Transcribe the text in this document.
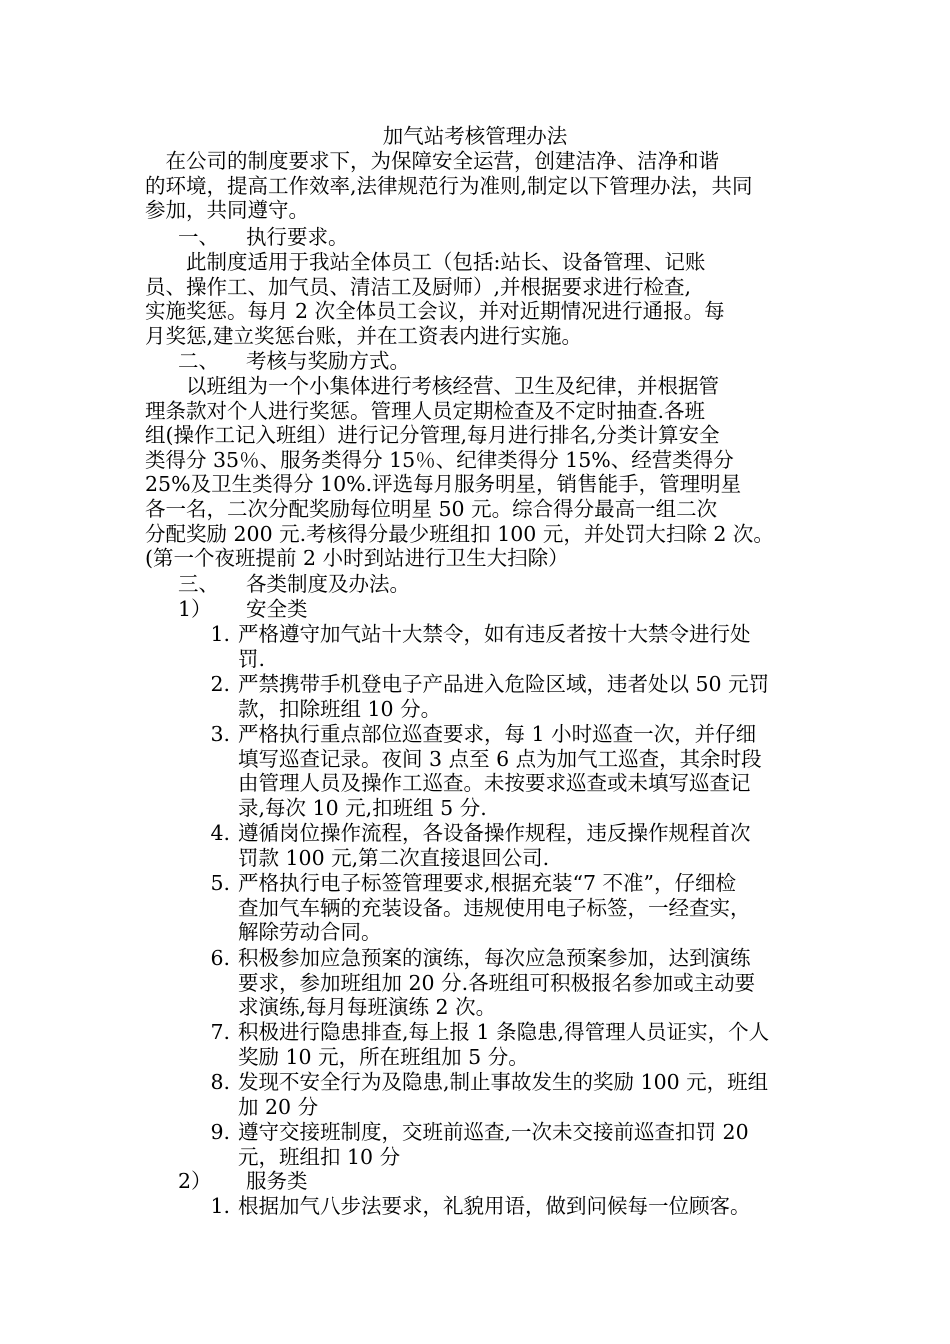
加气站考核管理办法
　在公司的制度要求下，为保障安全运营，创建洁净、洁净和谐
的环境，提高工作效率,法律规范行为准则,制定以下管理办法，共同
参加，共同遵守。
一、 执行要求。
　　此制度适用于我站全体员工（包括:站长、设备管理、记账
员、操作工、加气员、清洁工及厨师）,并根据要求进行检查,
实施奖惩。每月 2 次全体员工会议，并对近期情况进行通报。每
月奖惩,建立奖惩台账，并在工资表内进行实施。
二、 考核与奖励方式。
　　以班组为一个小集体进行考核经营、卫生及纪律，并根据管
理条款对个人进行奖惩。管理人员定期检查及不定时抽查.各班
组(操作工记入班组）进行记分管理,每月进行排名,分类计算安全
类得分 35％、服务类得分 15％、纪律类得分 15%、经营类得分
25%及卫生类得分 10%.评选每月服务明星，销售能手，管理明星
各一名，二次分配奖励每位明星 50 元。综合得分最高一组二次
分配奖励 200 元.考核得分最少班组扣 100 元，并处罚大扫除 2 次。
(第一个夜班提前 2 小时到站进行卫生大扫除）
三、 各类制度及办法。
1） 安全类
1. 严格遵守加气站十大禁令，如有违反者按十大禁令进行处
罚.
2. 严禁携带手机登电子产品进入危险区域，违者处以 50 元罚
款，扣除班组 10 分。
3. 严格执行重点部位巡查要求，每 1 小时巡查一次，并仔细
填写巡查记录。夜间 3 点至 6 点为加气工巡查，其余时段
由管理人员及操作工巡查。未按要求巡查或未填写巡查记
录,每次 10 元,扣班组 5 分.
4. 遵循岗位操作流程，各设备操作规程，违反操作规程首次
罚款 100 元,第二次直接退回公司.
5. 严格执行电子标签管理要求,根据充装“7 不准”，仔细检
查加气车辆的充装设备。违规使用电子标签，一经查实，
解除劳动合同。
6. 积极参加应急预案的演练，每次应急预案参加，达到演练
要求，参加班组加 20 分.各班组可积极报名参加或主动要
求演练,每月每班演练 2 次。
7. 积极进行隐患排查,每上报 1 条隐患,得管理人员证实，个人
奖励 10 元，所在班组加 5 分。
8. 发现不安全行为及隐患,制止事故发生的奖励 100 元，班组
加 20 分
9. 遵守交接班制度，交班前巡查,一次未交接前巡查扣罚 20
元，班组扣 10 分
2） 服务类
1. 根据加气八步法要求，礼貌用语，做到问候每一位顾客。
